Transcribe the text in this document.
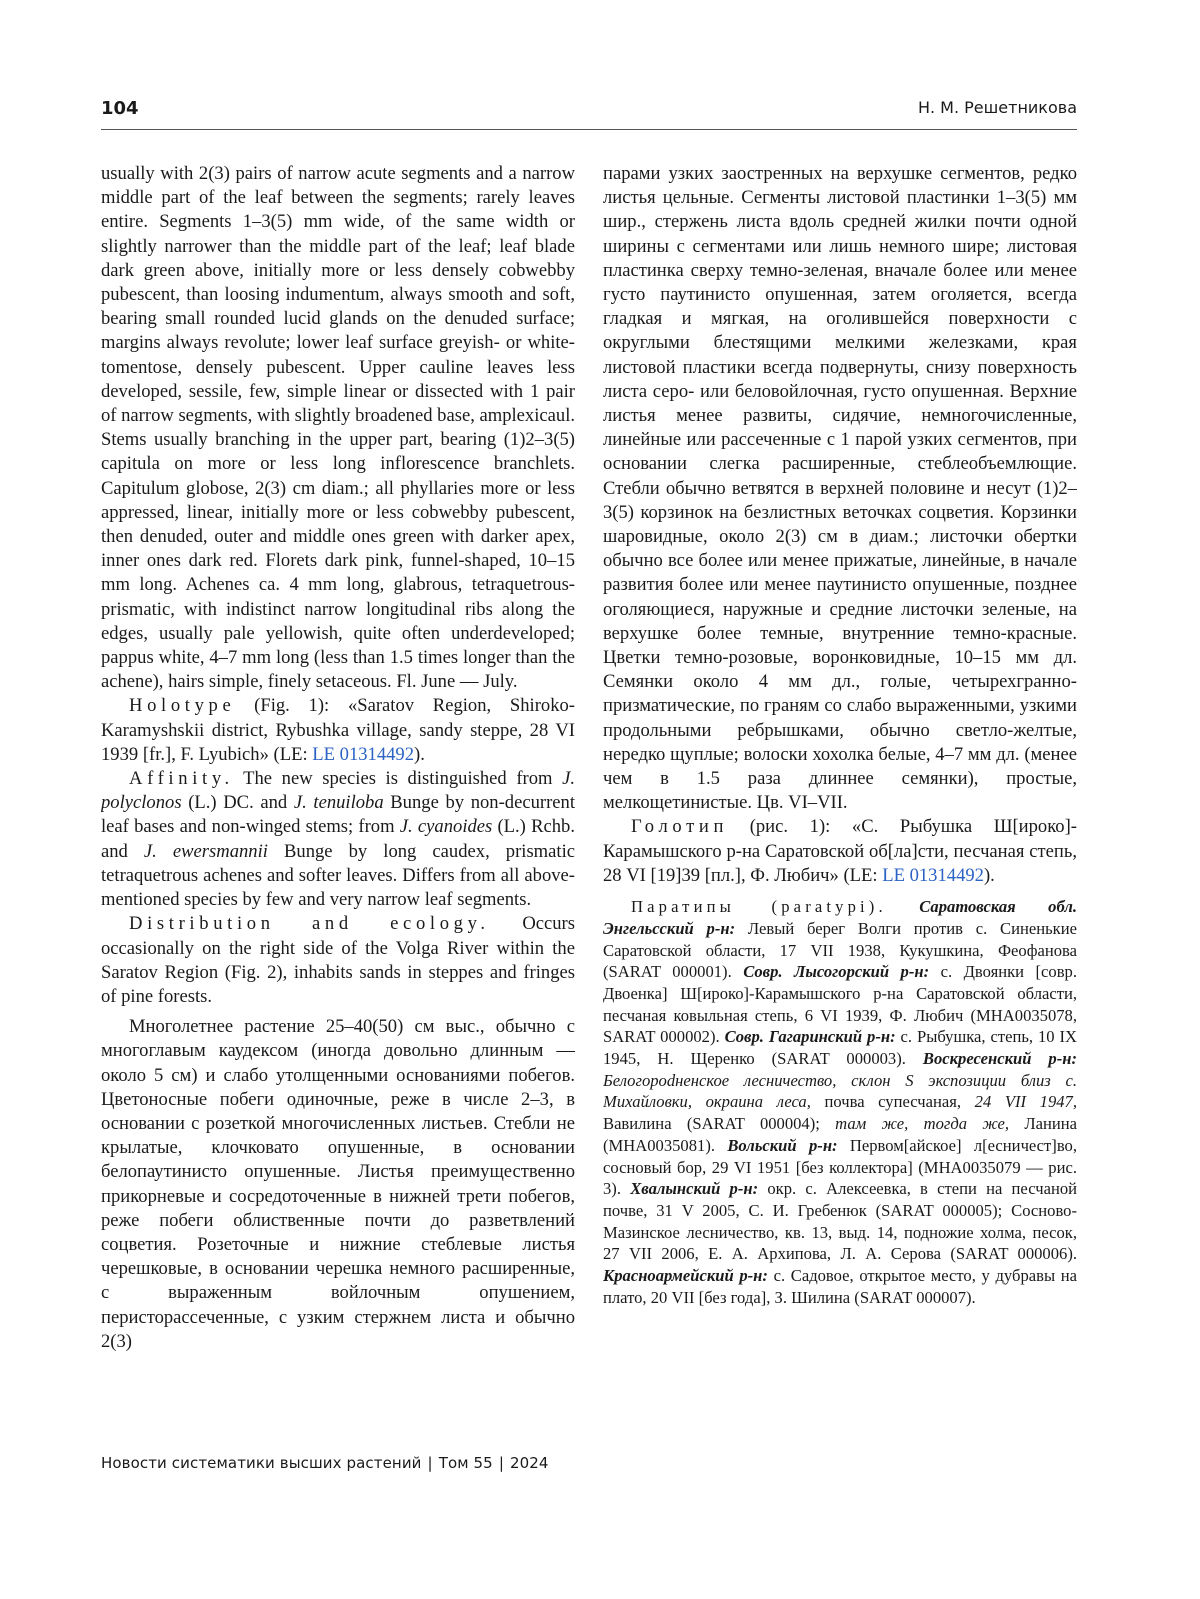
104	Н. М. Решетникова

usually with 2(3) pairs of narrow acute segments and a narrow middle part of the leaf between the segments; rarely leaves entire. Segments 1–3(5) mm wide, of the same width or slightly narrower than the middle part of the leaf; leaf blade dark green above, initially more or less densely cobwebby pubescent, than loosing indumentum, always smooth and soft, bearing small rounded lucid glands on the denuded surface; margins always revolute; lower leaf surface greyish- or white-tomentose, densely pubescent. Upper cauline leaves less developed, sessile, few, simple linear or dissected with 1 pair of narrow segments, with slightly broadened base, amplexicaul. Stems usually branching in the upper part, bearing (1)2–3(5) capitula on more or less long inflorescence branchlets. Capitulum globose, 2(3) cm diam.; all phyllaries more or less appressed, linear, initially more or less cobwebby pubescent, then denuded, outer and middle ones green with darker apex, inner ones dark red. Florets dark pink, funnel-shaped, 10–15 mm long. Achenes ca. 4 mm long, glabrous, tetraquetrous-prismatic, with indistinct narrow longitudinal ribs along the edges, usually pale yellowish, quite often underdeveloped; pappus white, 4–7 mm long (less than 1.5 times longer than the achene), hairs simple, finely setaceous. Fl. June — July.

Holotype (Fig. 1): «Saratov Region, Shiroko-Karamyshskii district, Rybushka village, sandy steppe, 28 VI 1939 [fr.], F. Lyubich» (LE: LE 01314492).

Affinity. The new species is distinguished from J. polyclonos (L.) DC. and J. tenuiloba Bunge by non-decurrent leaf bases and non-winged stems; from J. cyanoides (L.) Rchb. and J. ewersmannii Bunge by long caudex, prismatic tetraquetrous achenes and softer leaves. Differs from all above-mentioned species by few and very narrow leaf segments.

Distribution and ecology. Occurs occasionally on the right side of the Volga River within the Saratov Region (Fig. 2), inhabits sands in steppes and fringes of pine forests.

Многолетнее растение 25–40(50) см выс., обычно с многоглавым каудексом (иногда довольно длинным — около 5 см) и слабо утолщенными основаниями побегов. Цветоносные побеги одиночные, реже в числе 2–3, в основании с розеткой многочисленных листьев. Стебли не крылатые, клочковато опушенные, в основании белопаутинисто опушенные. Листья преимущественно прикорневые и сосредоточенные в нижней трети побегов, реже побеги облиственные почти до разветвлений соцветия. Розеточные и нижние стеблевые листья черешковые, в основании черешка немного расширенные, с выраженным войлочным опушением, перисторассеченные, с узким стержнем листа и обычно 2(3)

парами узких заостренных на верхушке сегментов, редко листья цельные. Сегменты листовой пластинки 1–3(5) мм шир., стержень листа вдоль средней жилки почти одной ширины с сегментами или лишь немного шире; листовая пластинка сверху темно-зеленая, вначале более или менее густо паутинисто опушенная, затем оголяется, всегда гладкая и мягкая, на оголившейся поверхности с округлыми блестящими мелкими железками, края листовой пластики всегда подвернуты, снизу поверхность листа серо- или беловойлочная, густо опушенная. Верхние листья менее развиты, сидячие, немногочисленные, линейные или рассеченные с 1 парой узких сегментов, при основании слегка расширенные, стеблеобъемлющие. Стебли обычно ветвятся в верхней половине и несут (1)2–3(5) корзинок на безлистных веточках соцветия. Корзинки шаровидные, около 2(3) см в диам.; листочки обертки обычно все более или менее прижатые, линейные, в начале развития более или менее паутинисто опушенные, позднее оголяющиеся, наружные и средние листочки зеленые, на верхушке более темные, внутренние темно-красные. Цветки темно-розовые, воронковидные, 10–15 мм дл. Семянки около 4 мм дл., голые, четырехгранно-призматические, по граням со слабо выраженными, узкими продольными ребрышками, обычно светло-желтые, нередко щуплые; волоски хохолка белые, 4–7 мм дл. (менее чем в 1.5 раза длиннее семянки), простые, мелкощетинистые. Цв. VI–VII.

Голотип (рис. 1): «С. Рыбушка Ш[ироко]-Карамышского р-на Саратовской об[ла]сти, песчаная степь, 28 VI [19]39 [пл.], Ф. Любич» (LE: LE 01314492).

Паратипы (paratypi). Саратовская обл. Энгельсский р-н: Левый берег Волги против с. Синенькие Саратовской области, 17 VII 1938, Кукушкина, Феофанова (SARAT 000001). Совр. Лысогорский р-н: с. Двоянки [совр. Двоенка] Ш[ироко]-Карамышского р-на Саратовской области, песчаная ковыльная степь, 6 VI 1939, Ф. Любич (MHA0035078, SARAT 000002). Совр. Гагаринский р-н: с. Рыбушка, степь, 10 IX 1945, Н. Щеренко (SARAT 000003). Воскресенский р-н: Белогорodненское лесничество, склон S экспозиции близ с. Михайловки, окраина леса, почва супесчаная, 24 VII 1947, Вавилина (SARAT 000004); там же, тогда же, Ланина (MHA0035081). Вольский р-н: Первом[айское] л[есничест]во, сосновый бор, 29 VI 1951 [без коллектора] (MHA0035079 — рис. 3). Хвалынский р-н: окр. с. Алексеевка, в степи на песчаной почве, 31 V 2005, С. И. Гребенюк (SARAT 000005); Сосново-Мазинское лесничество, кв. 13, выд. 14, подножие холма, песок, 27 VII 2006, Е. А. Архипова, Л. А. Серова (SARAT 000006). Красноармейский р-н: с. Садовое, открытое место, у дубравы на плато, 20 VII [без года], З. Шилина (SARAT 000007).

Новости систематики высших растений | Том 55 | 2024
